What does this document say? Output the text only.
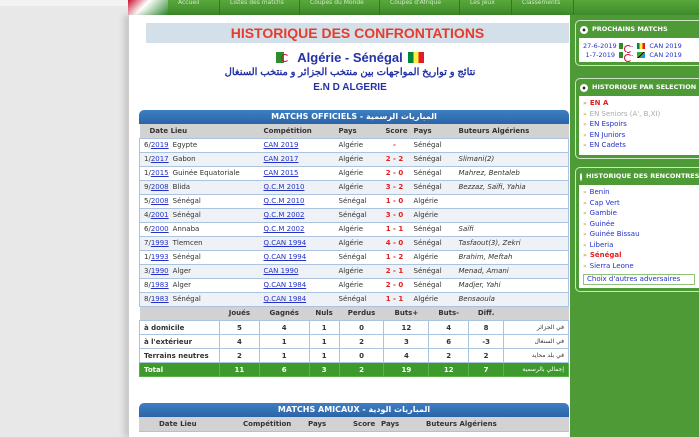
Accueil	Listes des matchs	Coupes du Monde	Coupes d'Afrique	Les Jeux	Classements
HISTORIQUE DES CONFRONTATIONS
Algérie - Sénégal
نتائج و تواريخ المواجهات بين منتخب الجزائر و منتخب السنغال
E.N D ALGERIE
MATCHS OFFICIELS - المباريات الرسمية
Date Lieu	Compétition	Pays	Score	Pays	Buteurs Algériens
6/2019 Egypte	CAN 2019	Algérie	-	Sénégal	
1/2017 Gabon	CAN 2017	Algérie	2 - 2	Sénégal	Slimani(2)
1/2015 Guinée Equatoriale	CAN 2015	Algérie	2 - 0	Sénégal	Mahrez, Bentaleb
9/2008 Blida	Q.C.M 2010	Algérie	3 - 2	Sénégal	Bezzaz, Saïfi, Yahia
5/2008 Sénégal	Q.C.M 2010	Sénégal	1 - 0	Algérie	
4/2001 Sénégal	Q.C.M 2002	Sénégal	3 - 0	Algérie	
6/2000 Annaba	Q.C.M 2002	Algérie	1 - 1	Sénégal	Saïfi
7/1993 Tlemcen	Q.CAN 1994	Algérie	4 - 0	Sénégal	Tasfaout(3), Zekri
1/1993 Sénégal	Q.CAN 1994	Sénégal	1 - 2	Algérie	Brahim, Meftah
3/1990 Alger	CAN 1990	Algérie	2 - 1	Sénégal	Menad, Amani
8/1983 Alger	Q.CAN 1984	Algérie	2 - 0	Sénégal	Madjer, Yahi
8/1983 Sénégal	Q.CAN 1984	Sénégal	1 - 1	Algérie	Bensaoula
	Joués	Gagnés	Nuls	Perdus	Buts+	Buts-	Diff.	
à domicile	5	4	1	0	12	4	8	في الجزائر
à l'extérieur	4	1	1	2	3	6	-3	في السنغال
Terrains neutres	2	1	1	0	4	2	2	في بلد محايد
Total	11	6	3	2	19	12	7	إجمالي بالرسمية
MATCHS AMICAUX - المباريات الودية
Date Lieu	Compétition	Pays	Score	Pays	Buteurs Algériens
PROCHAINS MATCHS
27-6-2019 - CAN 2019
1-7-2019 - CAN 2019
HISTORIQUE PAR SELECTION
» EN A
» EN Seniors (A', B,XI)
» EN Espoirs
» EN Juniors
» EN Cadets
HISTORIQUE DES RENCONTRES
» Benin
» Cap Vert
» Gambie
» Guinée
» Guinée Bissau
» Liberia
» Sénégal
» Sierra Leone
Choix d'autres adversaires
